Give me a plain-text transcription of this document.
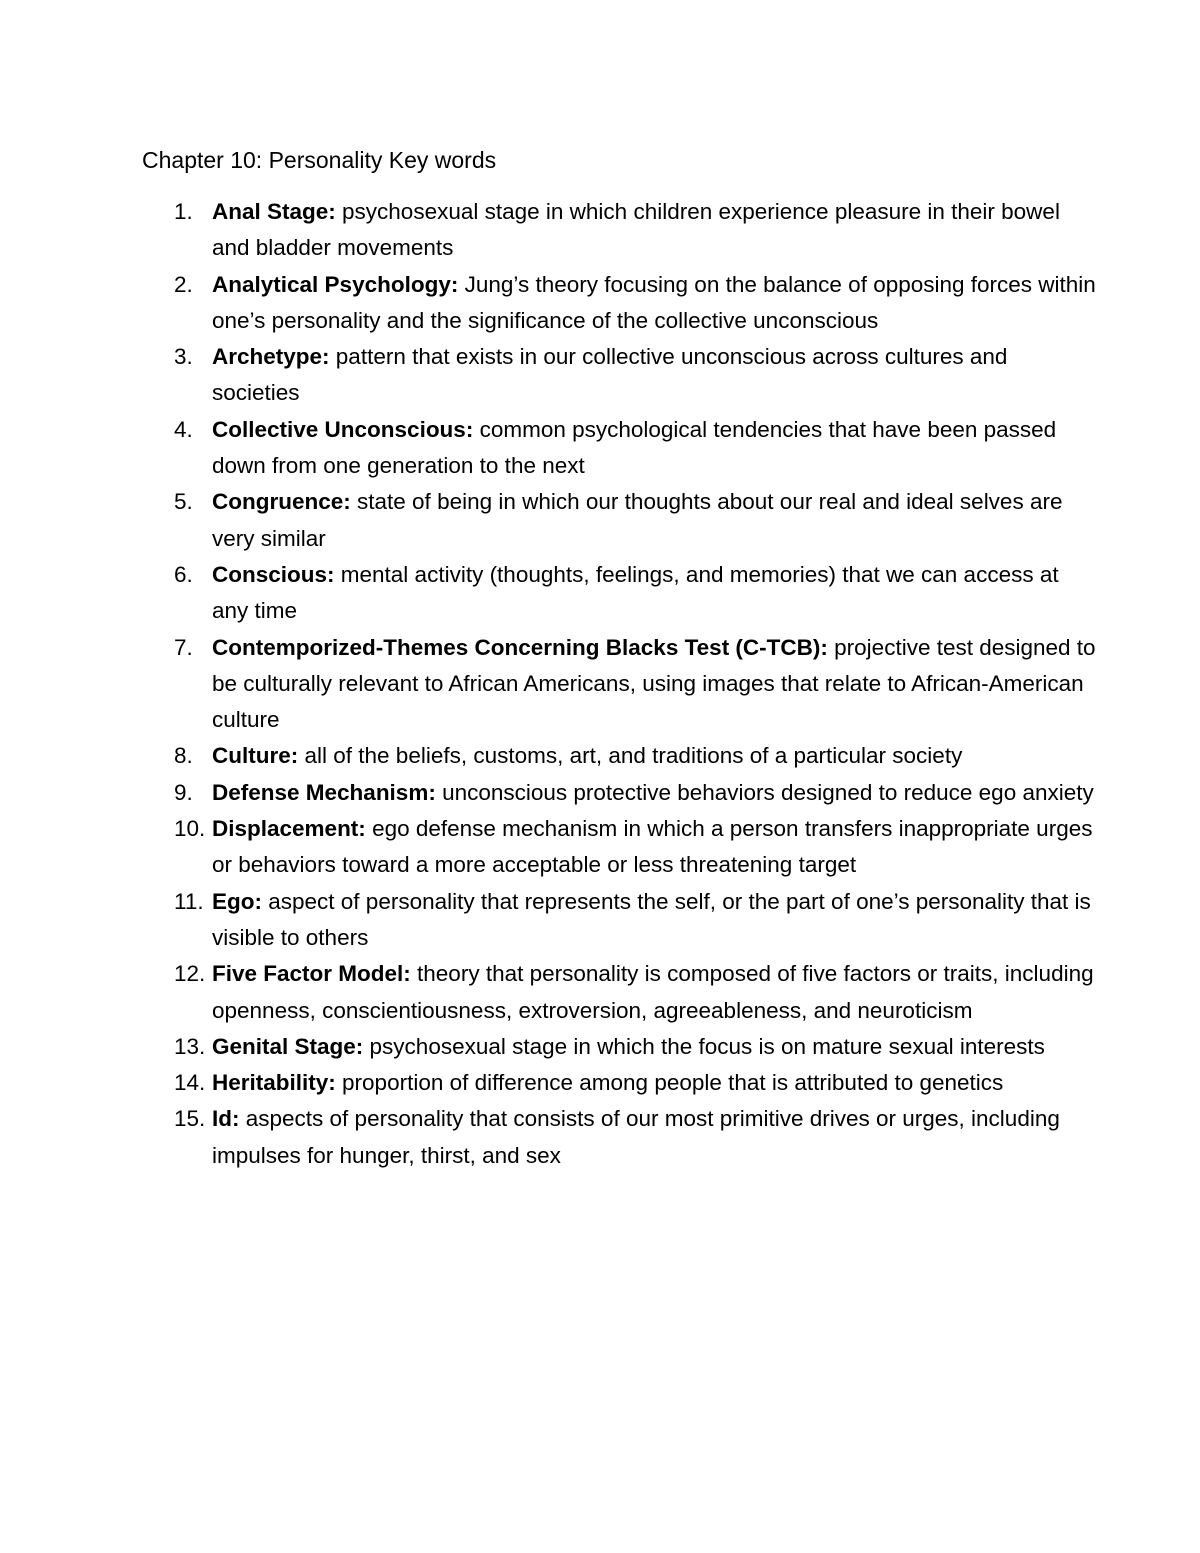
Chapter 10: Personality Key words
1. Anal Stage: psychosexual stage in which children experience pleasure in their bowel and bladder movements
2. Analytical Psychology: Jung’s theory focusing on the balance of opposing forces within one’s personality and the significance of the collective unconscious
3. Archetype: pattern that exists in our collective unconscious across cultures and societies
4. Collective Unconscious: common psychological tendencies that have been passed down from one generation to the next
5. Congruence: state of being in which our thoughts about our real and ideal selves are very similar
6. Conscious: mental activity (thoughts, feelings, and memories) that we can access at any time
7. Contemporized-Themes Concerning Blacks Test (C-TCB): projective test designed to be culturally relevant to African Americans, using images that relate to African-American culture
8. Culture: all of the beliefs, customs, art, and traditions of a particular society
9. Defense Mechanism: unconscious protective behaviors designed to reduce ego anxiety
10. Displacement: ego defense mechanism in which a person transfers inappropriate urges or behaviors toward a more acceptable or less threatening target
11. Ego: aspect of personality that represents the self, or the part of one’s personality that is visible to others
12. Five Factor Model: theory that personality is composed of five factors or traits, including openness, conscientiousness, extroversion, agreeableness, and neuroticism
13. Genital Stage: psychosexual stage in which the focus is on mature sexual interests
14. Heritability: proportion of difference among people that is attributed to genetics
15. Id: aspects of personality that consists of our most primitive drives or urges, including impulses for hunger, thirst, and sex
